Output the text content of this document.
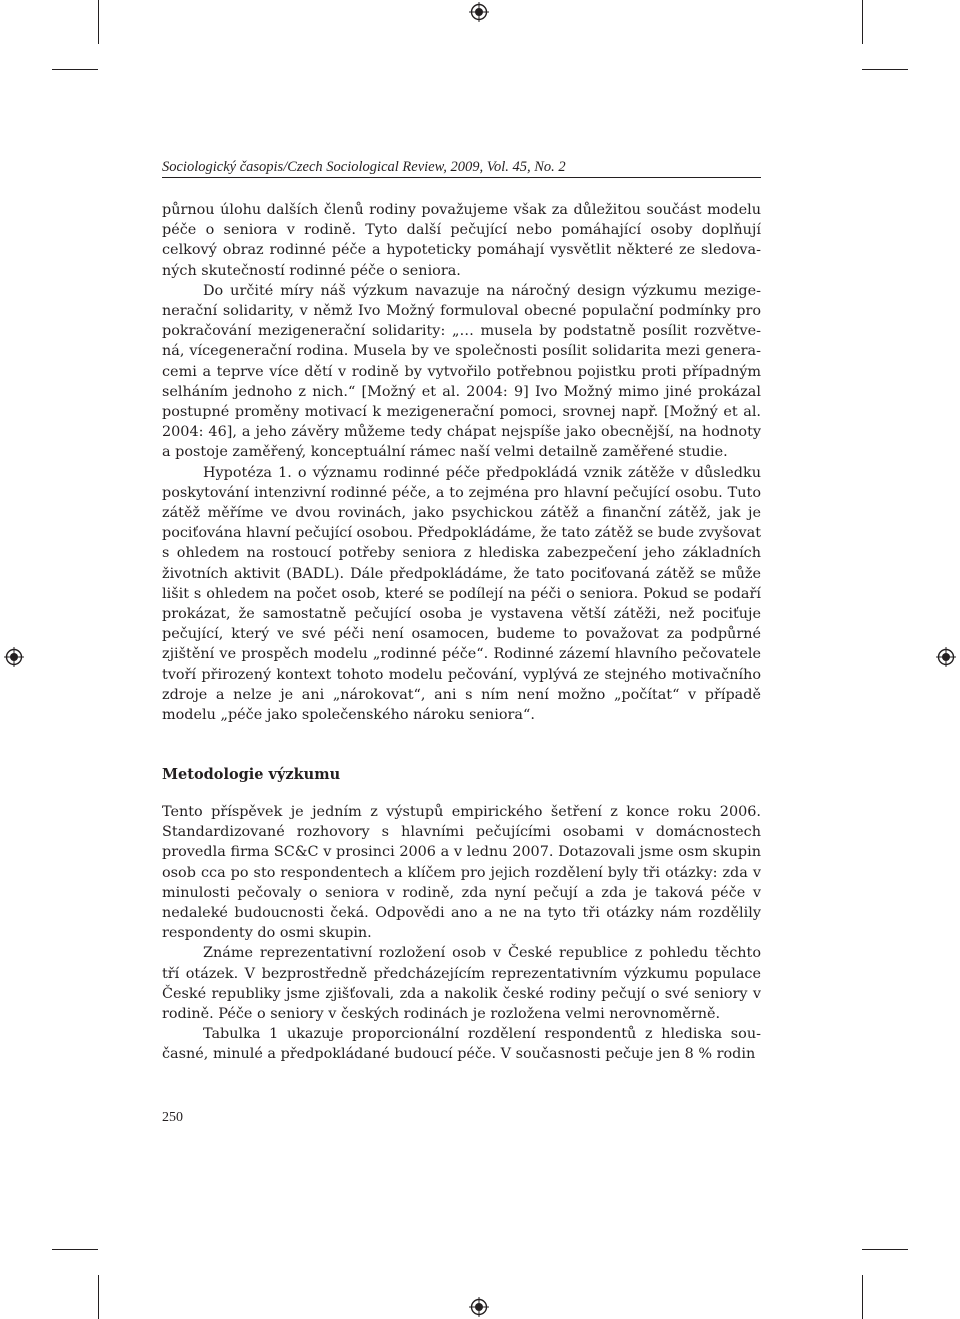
Sociologický časopis/Czech Sociological Review, 2009, Vol. 45, No. 2

půrnou úlohu dalších členů rodiny považujeme však za důležitou součást modelu péče o seniora v rodině. Tyto další pečující nebo pomáhající osoby doplňují celkový obraz rodinné péče a hypoteticky pomáhají vysvětlit některé ze sledovaných skutečností rodinné péče o seniora.

Do určité míry náš výzkum navazuje na náročný design výzkumu mezigenerační solidarity, v němž Ivo Možný formuloval obecné populační podmínky pro pokračování mezigenerační solidarity: „… musela by podstatně posílit rozvětvená, vícegenerační rodina. Musela by ve společnosti posílit solidarita mezi generacemi a teprve více dětí v rodině by vytvořilo potřebnou pojistku proti případným selháním jednoho z nich.“ [Možný et al. 2004: 9] Ivo Možný mimo jiné prokázal postupné proměny motivací k mezigenerační pomoci, srovnej např. [Možný et al. 2004: 46], a jeho závěry můžeme tedy chápat nejspíše jako obecnější, na hodnoty a postoje zaměřený, konceptuální rámec naší velmi detailně zaměřené studie.

Hypotéza 1. o významu rodinné péče předpokládá vznik zátěže v důsledku poskytování intenzivní rodinné péče, a to zejména pro hlavní pečující osobu. Tuto zátěž měříme ve dvou rovinách, jako psychickou zátěž a finanční zátěž, jak je pociťována hlavní pečující osobou. Předpokládáme, že tato zátěž se bude zvyšovat s ohledem na rostoucí potřeby seniora z hlediska zabezpečení jeho základních životních aktivit (BADL). Dále předpokládáme, že tato pociťovaná zátěž se může lišit s ohledem na počet osob, které se podílejí na péči o seniora. Pokud se podaří prokázat, že samostatně pečující osoba je vystavena větší zátěži, než pociťuje pečující, který ve své péči není osamocen, budeme to považovat za podpůrné zjištění ve prospěch modelu „rodinné péče“. Rodinné zázemí hlavního pečovatele tvoří přirozený kontext tohoto modelu pečování, vyplývá ze stejného motivačního zdroje a nelze je ani „nárokovat“, ani s ním není možno „počítat“ v případě modelu „péče jako společenského nároku seniora“.

Metodologie výzkumu

Tento příspěvek je jedním z výstupů empirického šetření z konce roku 2006. Standardizované rozhovory s hlavními pečujícími osobami v domácnostech provedla firma SC&C v prosinci 2006 a v lednu 2007. Dotazovali jsme osm skupin osob cca po sto respondentech a klíčem pro jejich rozdělení byly tři otázky: zda v minulosti pečovaly o seniora v rodině, zda nyní pečují a zda je taková péče v nedaleké budoucnosti čeká. Odpovědi ano a ne na tyto tři otázky nám rozdělily respondenty do osmi skupin.

Známe reprezentativní rozložení osob v České republice z pohledu těchto tří otázek. V bezprostředně předcházejícím reprezentativním výzkumu populace České republiky jsme zjišťovali, zda a nakolik české rodiny pečují o své seniory v rodině. Péče o seniory v českých rodinách je rozložena velmi nerovnoměrně.

Tabulka 1 ukazuje proporcionální rozdělení respondentů z hlediska současné, minulé a předpokládané budoucí péče. V současnosti pečuje jen 8 % rodin

250
